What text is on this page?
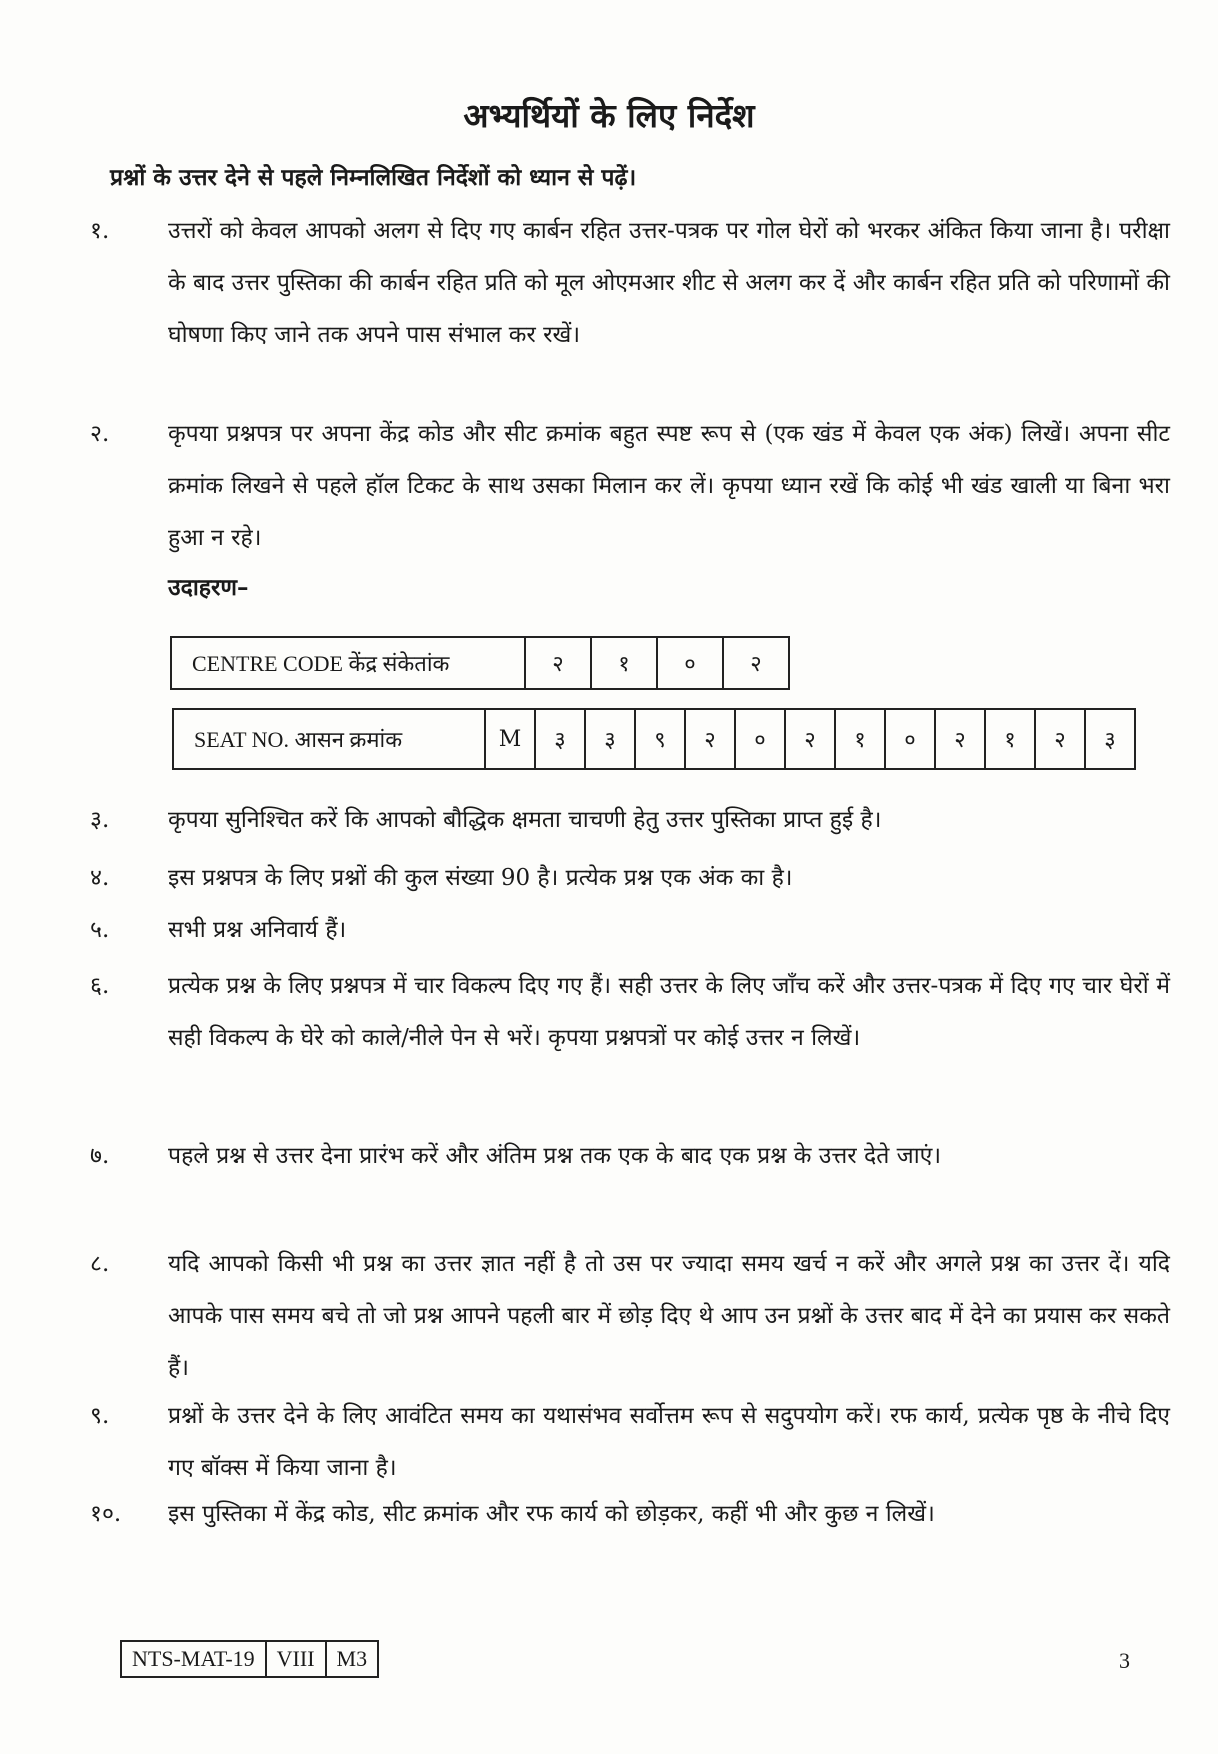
अभ्यर्थियों के लिए निर्देश

प्रश्नों के उत्तर देने से पहले निम्नलिखित निर्देशों को ध्यान से पढ़ें।

१.	उत्तरों को केवल आपको अलग से दिए गए कार्बन रहित उत्तर-पत्रक पर गोल घेरों को भरकर अंकित किया जाना है। परीक्षा के बाद उत्तर पुस्तिका की कार्बन रहित प्रति को मूल ओएमआर शीट से अलग कर दें और कार्बन रहित प्रति को परिणामों की घोषणा किए जाने तक अपने पास संभाल कर रखें।
२.	कृपया प्रश्नपत्र पर अपना केंद्र कोड और सीट क्रमांक बहुत स्पष्ट रूप से (एक खंड में केवल एक अंक) लिखें। अपना सीट क्रमांक लिखने से पहले हॉल टिकट के साथ उसका मिलान कर लें। कृपया ध्यान रखें कि कोई भी खंड खाली या बिना भरा हुआ न रहे।
उदाहरण–
CENTRE CODE केंद्र संकेतांक	२	१	०	२
SEAT NO. आसन क्रमांक	M	३	३	९	२	०	२	१	०	२	१	२	३
३.	कृपया सुनिश्चित करें कि आपको बौद्धिक क्षमता चाचणी हेतु उत्तर पुस्तिका प्राप्त हुई है।
४.	इस प्रश्नपत्र के लिए प्रश्नों की कुल संख्या 90 है। प्रत्येक प्रश्न एक अंक का है।
५.	सभी प्रश्न अनिवार्य हैं।
६.	प्रत्येक प्रश्न के लिए प्रश्नपत्र में चार विकल्प दिए गए हैं। सही उत्तर के लिए जाँच करें और उत्तर-पत्रक में दिए गए चार घेरों में सही विकल्प के घेरे को काले/नीले पेन से भरें। कृपया प्रश्नपत्रों पर कोई उत्तर न लिखें।
७.	पहले प्रश्न से उत्तर देना प्रारंभ करें और अंतिम प्रश्न तक एक के बाद एक प्रश्न के उत्तर देते जाएं।
८.	यदि आपको किसी भी प्रश्न का उत्तर ज्ञात नहीं है तो उस पर ज्यादा समय खर्च न करें और अगले प्रश्न का उत्तर दें। यदि आपके पास समय बचे तो जो प्रश्न आपने पहली बार में छोड़ दिए थे आप उन प्रश्नों के उत्तर बाद में देने का प्रयास कर सकते हैं।
९.	प्रश्नों के उत्तर देने के लिए आवंटित समय का यथासंभव सर्वोत्तम रूप से सदुपयोग करें। रफ कार्य, प्रत्येक पृष्ठ के नीचे दिए गए बॉक्स में किया जाना है।
१०.	इस पुस्तिका में केंद्र कोड, सीट क्रमांक और रफ कार्य को छोड़कर, कहीं भी और कुछ न लिखें।
NTS-MAT-19	VIII	M3	3
